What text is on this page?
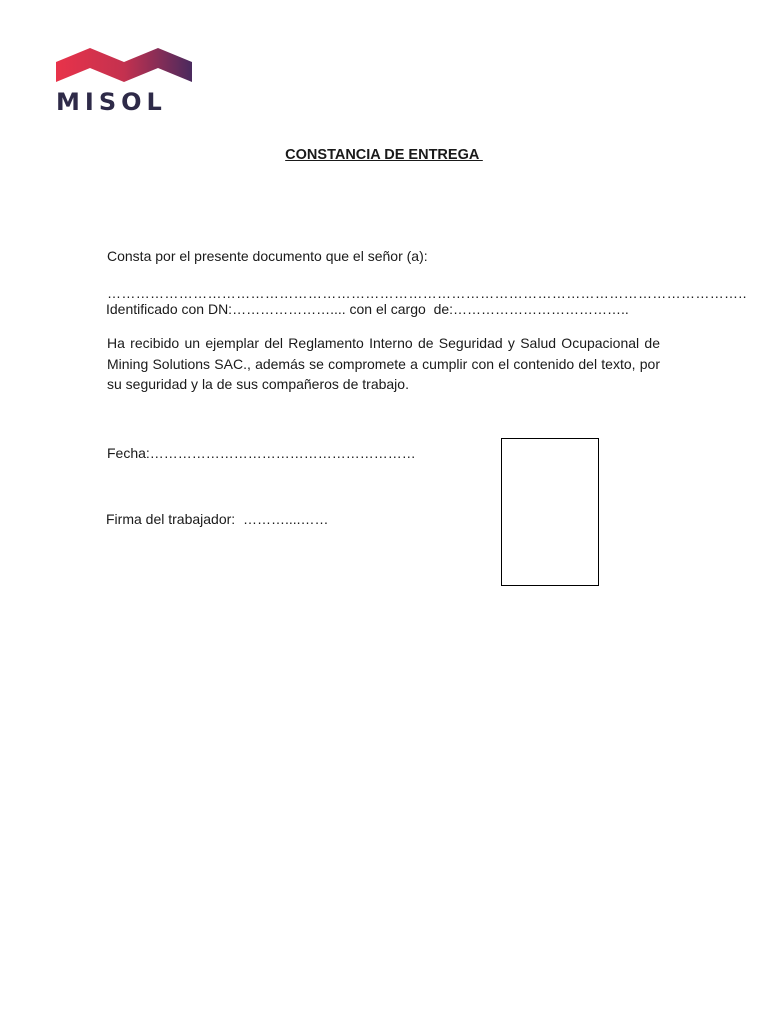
MISOL
CONSTANCIA DE ENTREGA
Consta por el presente documento que el señor (a):
……………………………………………………………………………………………………………………..
Identificado con DN:………………….... con el cargo  de:………………………………..
Ha recibido un ejemplar del Reglamento Interno de Seguridad y Salud Ocupacional de Mining Solutions SAC., además se compromete a cumplir con el contenido del texto, por su seguridad y la de sus compañeros de trabajo.
Fecha:…………………………………………………
Firma del trabajador:  ………....……
